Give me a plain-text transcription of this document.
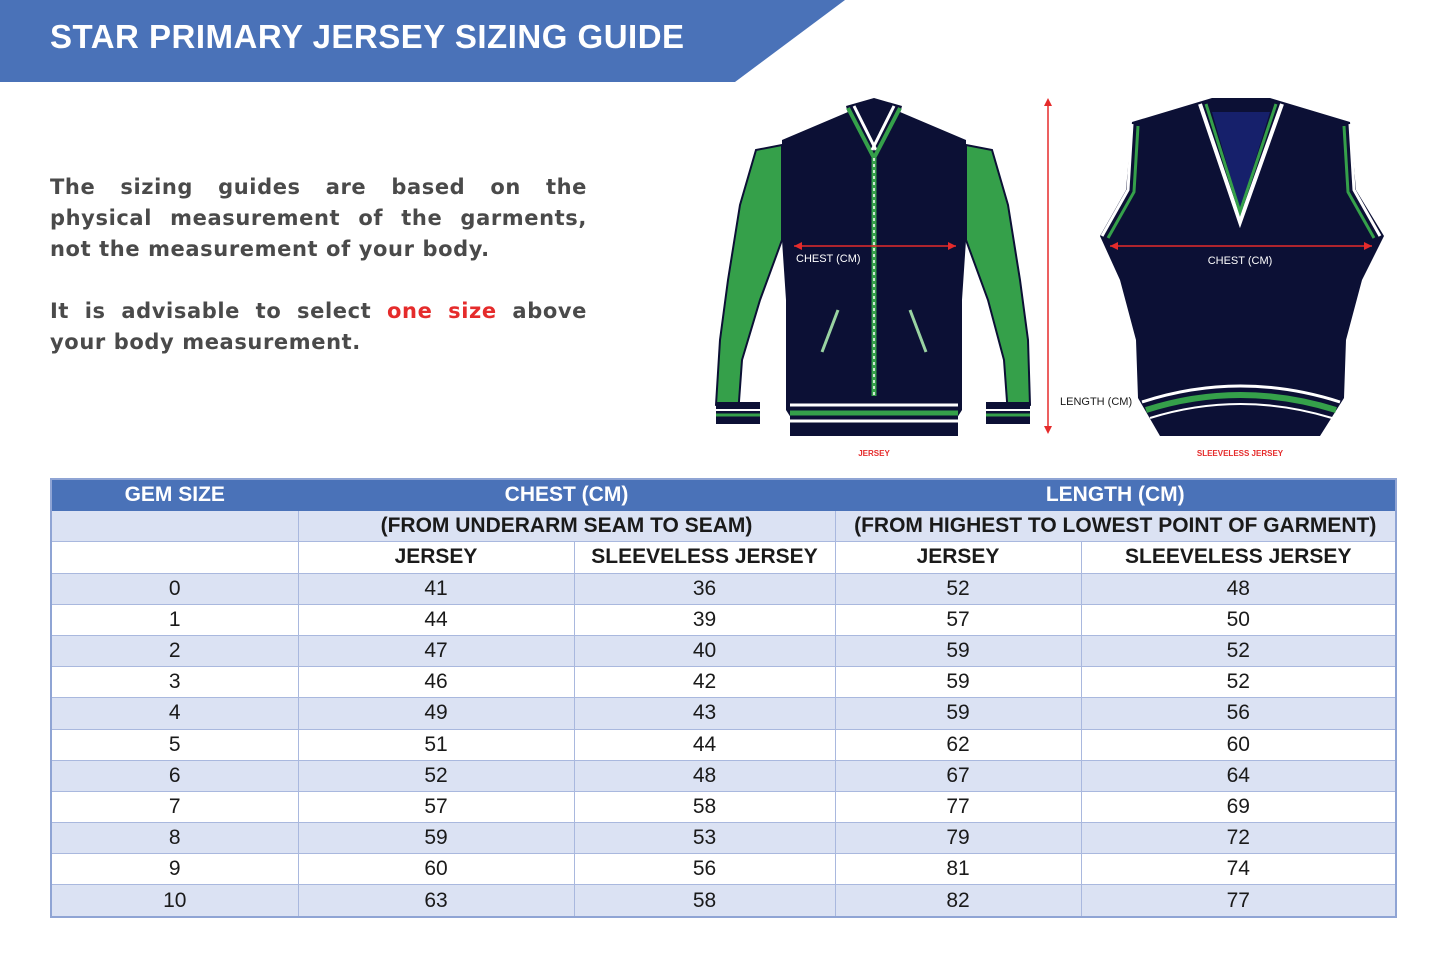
STAR PRIMARY JERSEY SIZING GUIDE

The sizing guides are based on the physical measurement of the garments, not the measurement of your body.

It is advisable to select one size above your body measurement.

CHEST (CM)
JERSEY
LENGTH (CM)
CHEST (CM)
SLEEVELESS JERSEY
GEM SIZE	CHEST (CM)		LENGTH (CM)	
	(FROM UNDERARM SEAM TO SEAM)		(FROM HIGHEST TO LOWEST POINT OF GARMENT)	
	JERSEY	SLEEVELESS JERSEY	JERSEY	SLEEVELESS JERSEY
0	41	36	52	48
1	44	39	57	50
2	47	40	59	52
3	46	42	59	52
4	49	43	59	56
5	51	44	62	60
6	52	48	67	64
7	57	58	77	69
8	59	53	79	72
9	60	56	81	74
10	63	58	82	77
